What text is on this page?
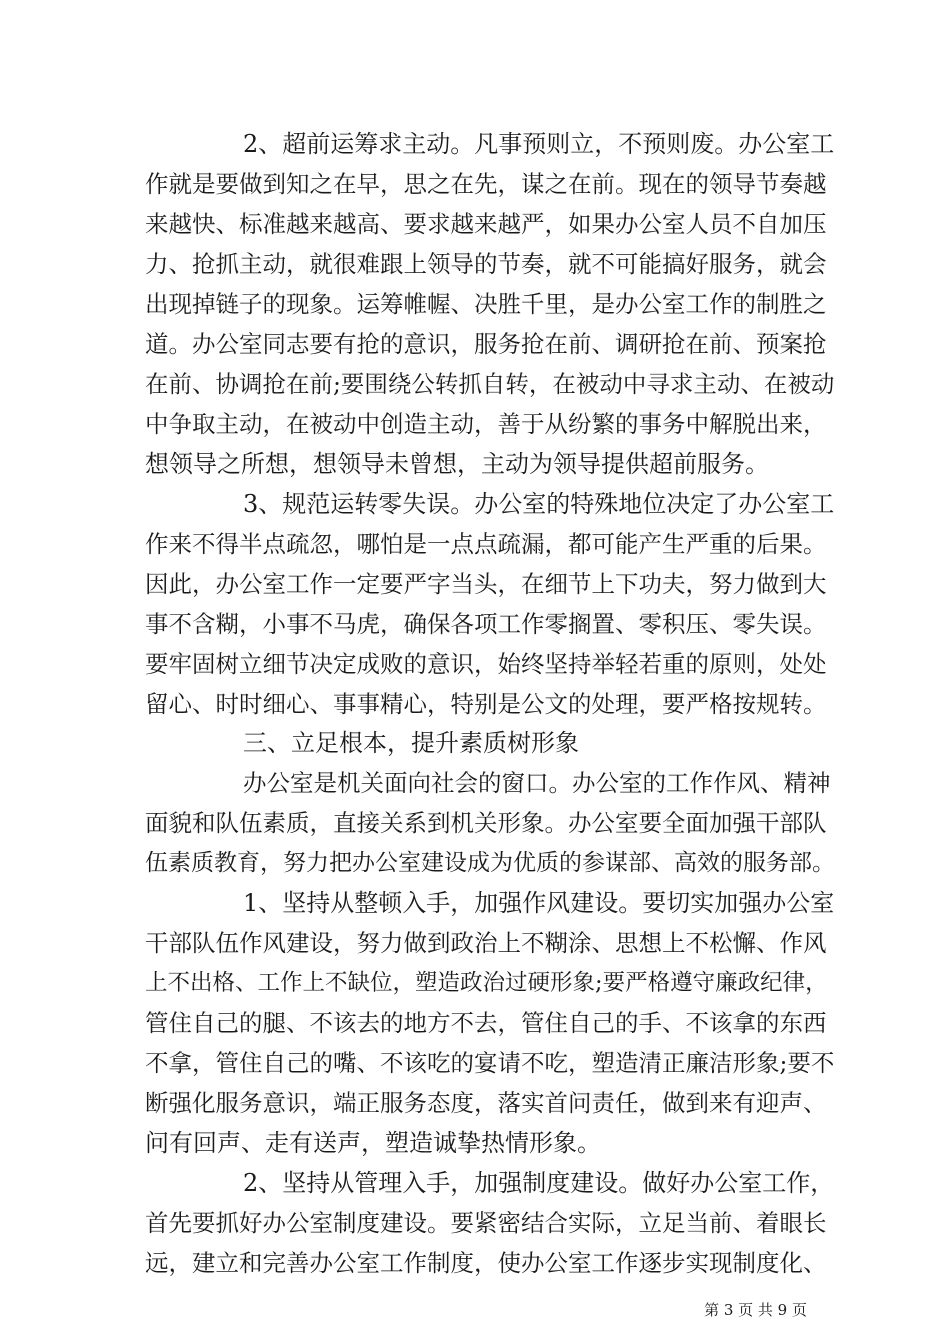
2、超前运筹求主动。凡事预则立，不预则废。办公室工
作就是要做到知之在早，思之在先，谋之在前。现在的领导节奏越
来越快、标准越来越高、要求越来越严，如果办公室人员不自加压
力、抢抓主动，就很难跟上领导的节奏，就不可能搞好服务，就会
出现掉链子的现象。运筹帷幄、决胜千里，是办公室工作的制胜之
道。办公室同志要有抢的意识，服务抢在前、调研抢在前、预案抢
在前、协调抢在前;要围绕公转抓自转，在被动中寻求主动、在被动
中争取主动，在被动中创造主动，善于从纷繁的事务中解脱出来，
想领导之所想，想领导未曾想，主动为领导提供超前服务。
3、规范运转零失误。办公室的特殊地位决定了办公室工
作来不得半点疏忽，哪怕是一点点疏漏，都可能产生严重的后果。
因此，办公室工作一定要严字当头，在细节上下功夫，努力做到大
事不含糊，小事不马虎，确保各项工作零搁置、零积压、零失误。
要牢固树立细节决定成败的意识，始终坚持举轻若重的原则，处处
留心、时时细心、事事精心，特别是公文的处理，要严格按规转。
三、立足根本，提升素质树形象
办公室是机关面向社会的窗口。办公室的工作作风、精神
面貌和队伍素质，直接关系到机关形象。办公室要全面加强干部队
伍素质教育，努力把办公室建设成为优质的参谋部、高效的服务部。
1、坚持从整顿入手，加强作风建设。要切实加强办公室
干部队伍作风建设，努力做到政治上不糊涂、思想上不松懈、作风
上不出格、工作上不缺位，塑造政治过硬形象;要严格遵守廉政纪律，
管住自己的腿、不该去的地方不去，管住自己的手、不该拿的东西
不拿，管住自己的嘴、不该吃的宴请不吃，塑造清正廉洁形象;要不
断强化服务意识，端正服务态度，落实首问责任，做到来有迎声、
问有回声、走有送声，塑造诚挚热情形象。
2、坚持从管理入手，加强制度建设。做好办公室工作，
首先要抓好办公室制度建设。要紧密结合实际，立足当前、着眼长
远，建立和完善办公室工作制度，使办公室工作逐步实现制度化、
第 3 页 共 9 页
